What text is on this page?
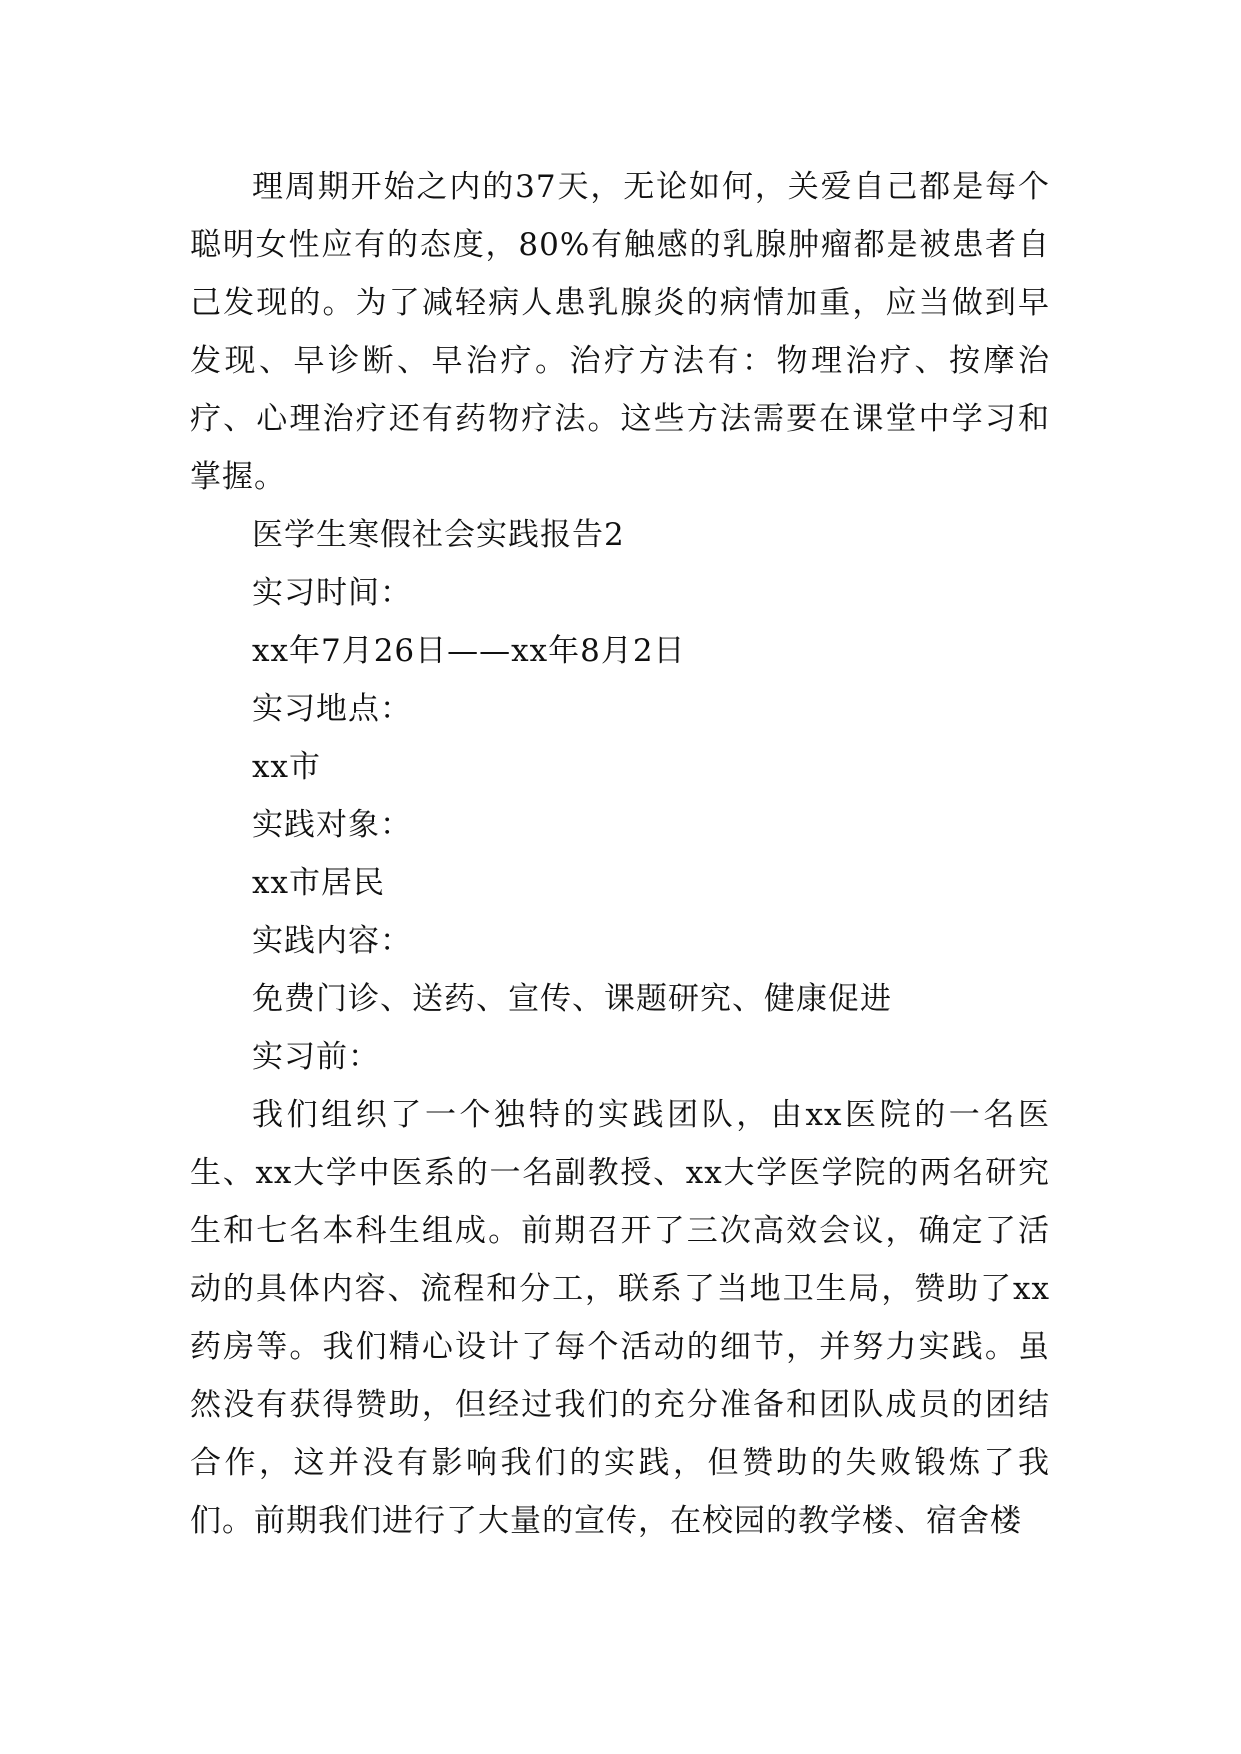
理周期开始之内的37天，无论如何，关爱自己都是每个聪明女性应有的态度，80%有触感的乳腺肿瘤都是被患者自己发现的。为了减轻病人患乳腺炎的病情加重，应当做到早发现、早诊断、早治疗。治疗方法有：物理治疗、按摩治疗、心理治疗还有药物疗法。这些方法需要在课堂中学习和掌握。

医学生寒假社会实践报告2

实习时间：

xx年7月26日——xx年8月2日

实习地点：

xx市

实践对象：

xx市居民

实践内容：

免费门诊、送药、宣传、课题研究、健康促进

实习前：

我们组织了一个独特的实践团队，由xx医院的一名医生、xx大学中医系的一名副教授、xx大学医学院的两名研究生和七名本科生组成。前期召开了三次高效会议，确定了活动的具体内容、流程和分工，联系了当地卫生局，赞助了xx药房等。我们精心设计了每个活动的细节，并努力实践。虽然没有获得赞助，但经过我们的充分准备和团队成员的团结合作，这并没有影响我们的实践，但赞助的失败锻炼了我们。前期我们进行了大量的宣传，在校园的教学楼、宿舍楼
